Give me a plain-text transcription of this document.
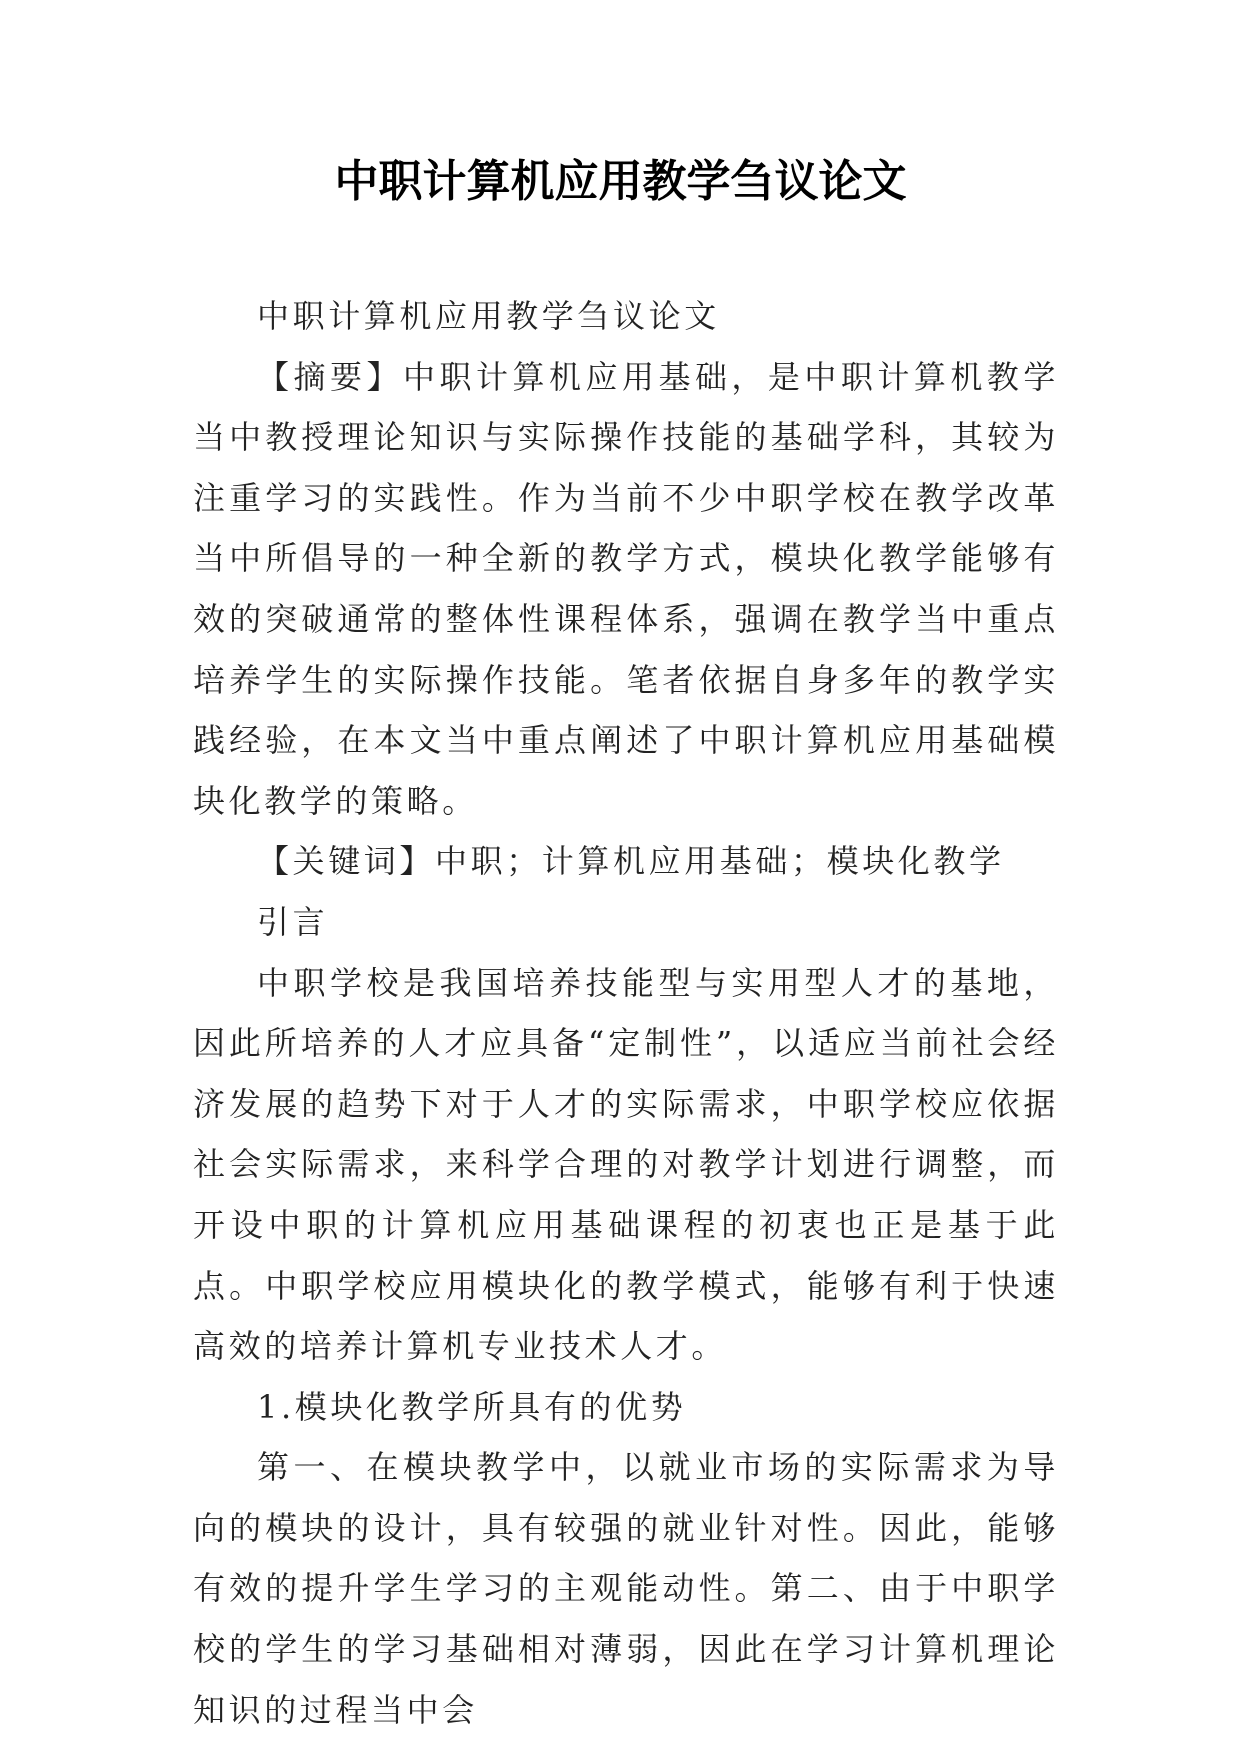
中职计算机应用教学刍议论文

中职计算机应用教学刍议论文

【摘要】中职计算机应用基础，是中职计算机教学当中教授理论知识与实际操作技能的基础学科，其较为注重学习的实践性。作为当前不少中职学校在教学改革当中所倡导的一种全新的教学方式，模块化教学能够有效的突破通常的整体性课程体系，强调在教学当中重点培养学生的实际操作技能。笔者依据自身多年的教学实践经验，在本文当中重点阐述了中职计算机应用基础模块化教学的策略。

【关键词】中职；计算机应用基础；模块化教学

引言

中职学校是我国培养技能型与实用型人才的基地，因此所培养的人才应具备“定制性”，以适应当前社会经济发展的趋势下对于人才的实际需求，中职学校应依据社会实际需求，来科学合理的对教学计划进行调整，而开设中职的计算机应用基础课程的初衷也正是基于此点。中职学校应用模块化的教学模式，能够有利于快速高效的培养计算机专业技术人才。

1.模块化教学所具有的优势

第一、在模块教学中，以就业市场的实际需求为导向的模块的设计，具有较强的就业针对性。因此，能够有效的提升学生学习的主观能动性。第二、由于中职学校的学生的学习基础相对薄弱，因此在学习计算机理论知识的过程当中会
